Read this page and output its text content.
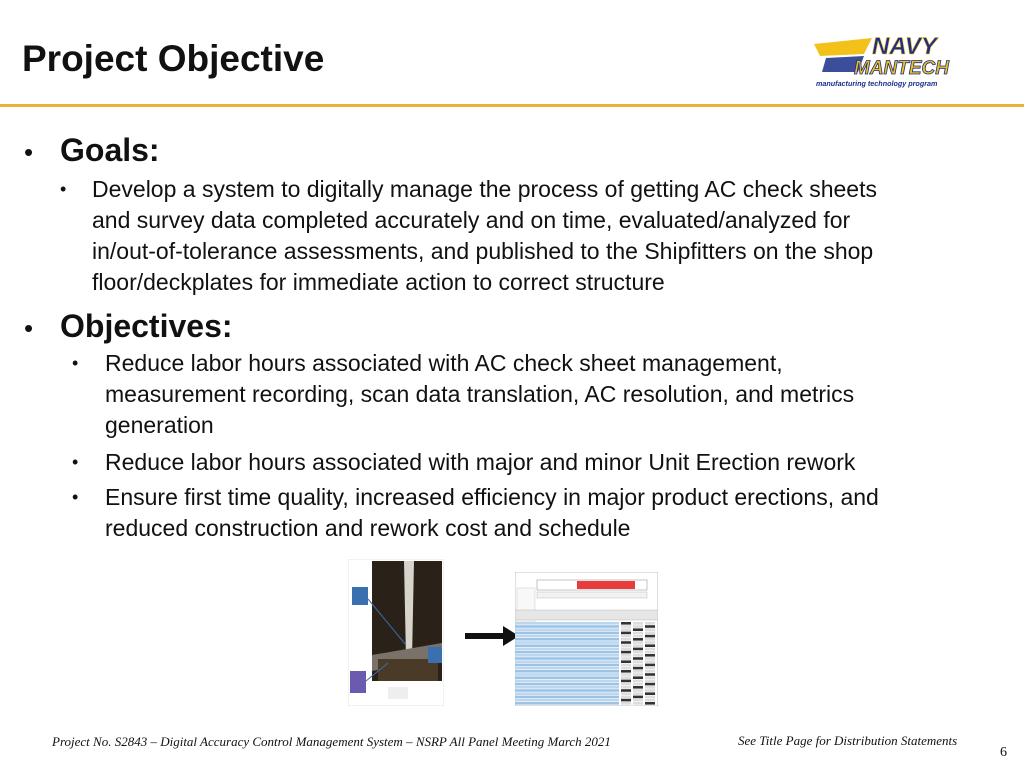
Project Objective	NAVY
MANTECH
manufacturing technology program
• Goals:
• Develop a system to digitally manage the process of getting AC check sheets
and survey data completed accurately and on time, evaluated/analyzed for
in/out-of-tolerance assessments, and published to the Shipfitters on the shop
floor/deckplates for immediate action to correct structure
• Objectives:
• Reduce labor hours associated with AC check sheet management,
measurement recording, scan data translation, AC resolution, and metrics
generation
• Reduce labor hours associated with major and minor Unit Erection rework
• Ensure first time quality, increased efficiency in major product erections, and
reduced construction and rework cost and schedule
Project No. S2843 – Digital Accuracy Control Management System – NSRP All Panel Meeting March 2021	See Title Page for Distribution Statements
6
